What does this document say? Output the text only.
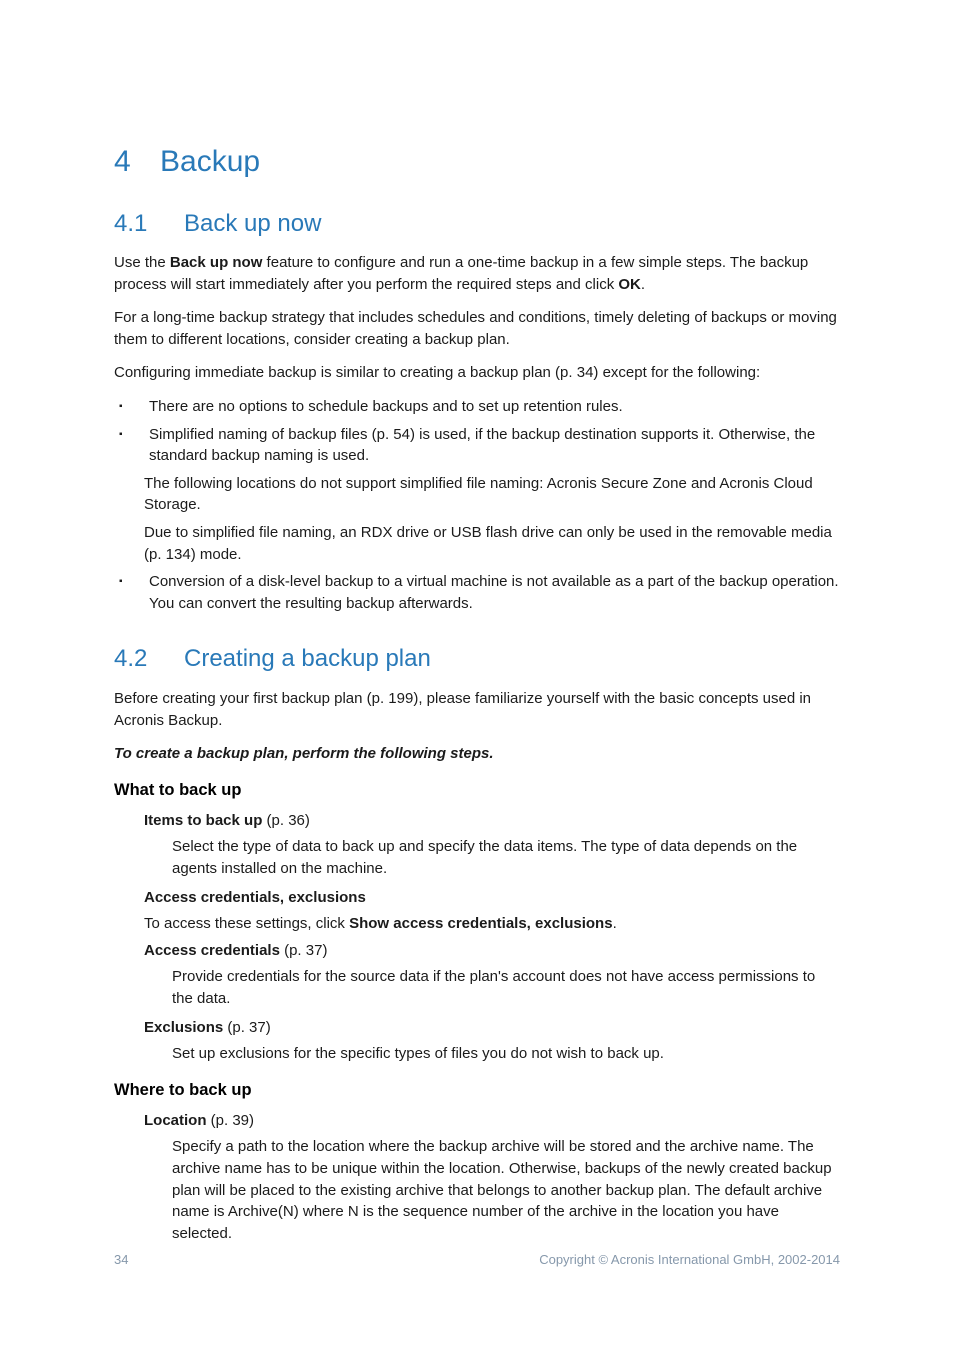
4 Backup
4.1 Back up now

Use the Back up now feature to configure and run a one-time backup in a few simple steps. The backup process will start immediately after you perform the required steps and click OK.

For a long-time backup strategy that includes schedules and conditions, timely deleting of backups or moving them to different locations, consider creating a backup plan.

Configuring immediate backup is similar to creating a backup plan (p. 34) except for the following:

▪	There are no options to schedule backups and to set up retention rules.
▪	Simplified naming of backup files (p. 54) is used, if the backup destination supports it. Otherwise, the standard backup naming is used.

The following locations do not support simplified file naming: Acronis Secure Zone and Acronis Cloud Storage.

Due to simplified file naming, an RDX drive or USB flash drive can only be used in the removable media (p. 134) mode.

▪	Conversion of a disk-level backup to a virtual machine is not available as a part of the backup operation. You can convert the resulting backup afterwards.
4.2 Creating a backup plan

Before creating your first backup plan (p. 199), please familiarize yourself with the basic concepts used in Acronis Backup.

To create a backup plan, perform the following steps.

What to back up

Items to back up (p. 36)

Select the type of data to back up and specify the data items. The type of data depends on the agents installed on the machine.

Access credentials, exclusions

To access these settings, click Show access credentials, exclusions.

Access credentials (p. 37)

Provide credentials for the source data if the plan's account does not have access permissions to the data.

Exclusions (p. 37)

Set up exclusions for the specific types of files you do not wish to back up.

Where to back up

Location (p. 39)

Specify a path to the location where the backup archive will be stored and the archive name. The archive name has to be unique within the location. Otherwise, backups of the newly created backup plan will be placed to the existing archive that belongs to another backup plan. The default archive name is Archive(N) where N is the sequence number of the archive in the location you have selected.

34	Copyright © Acronis International GmbH, 2002-2014
